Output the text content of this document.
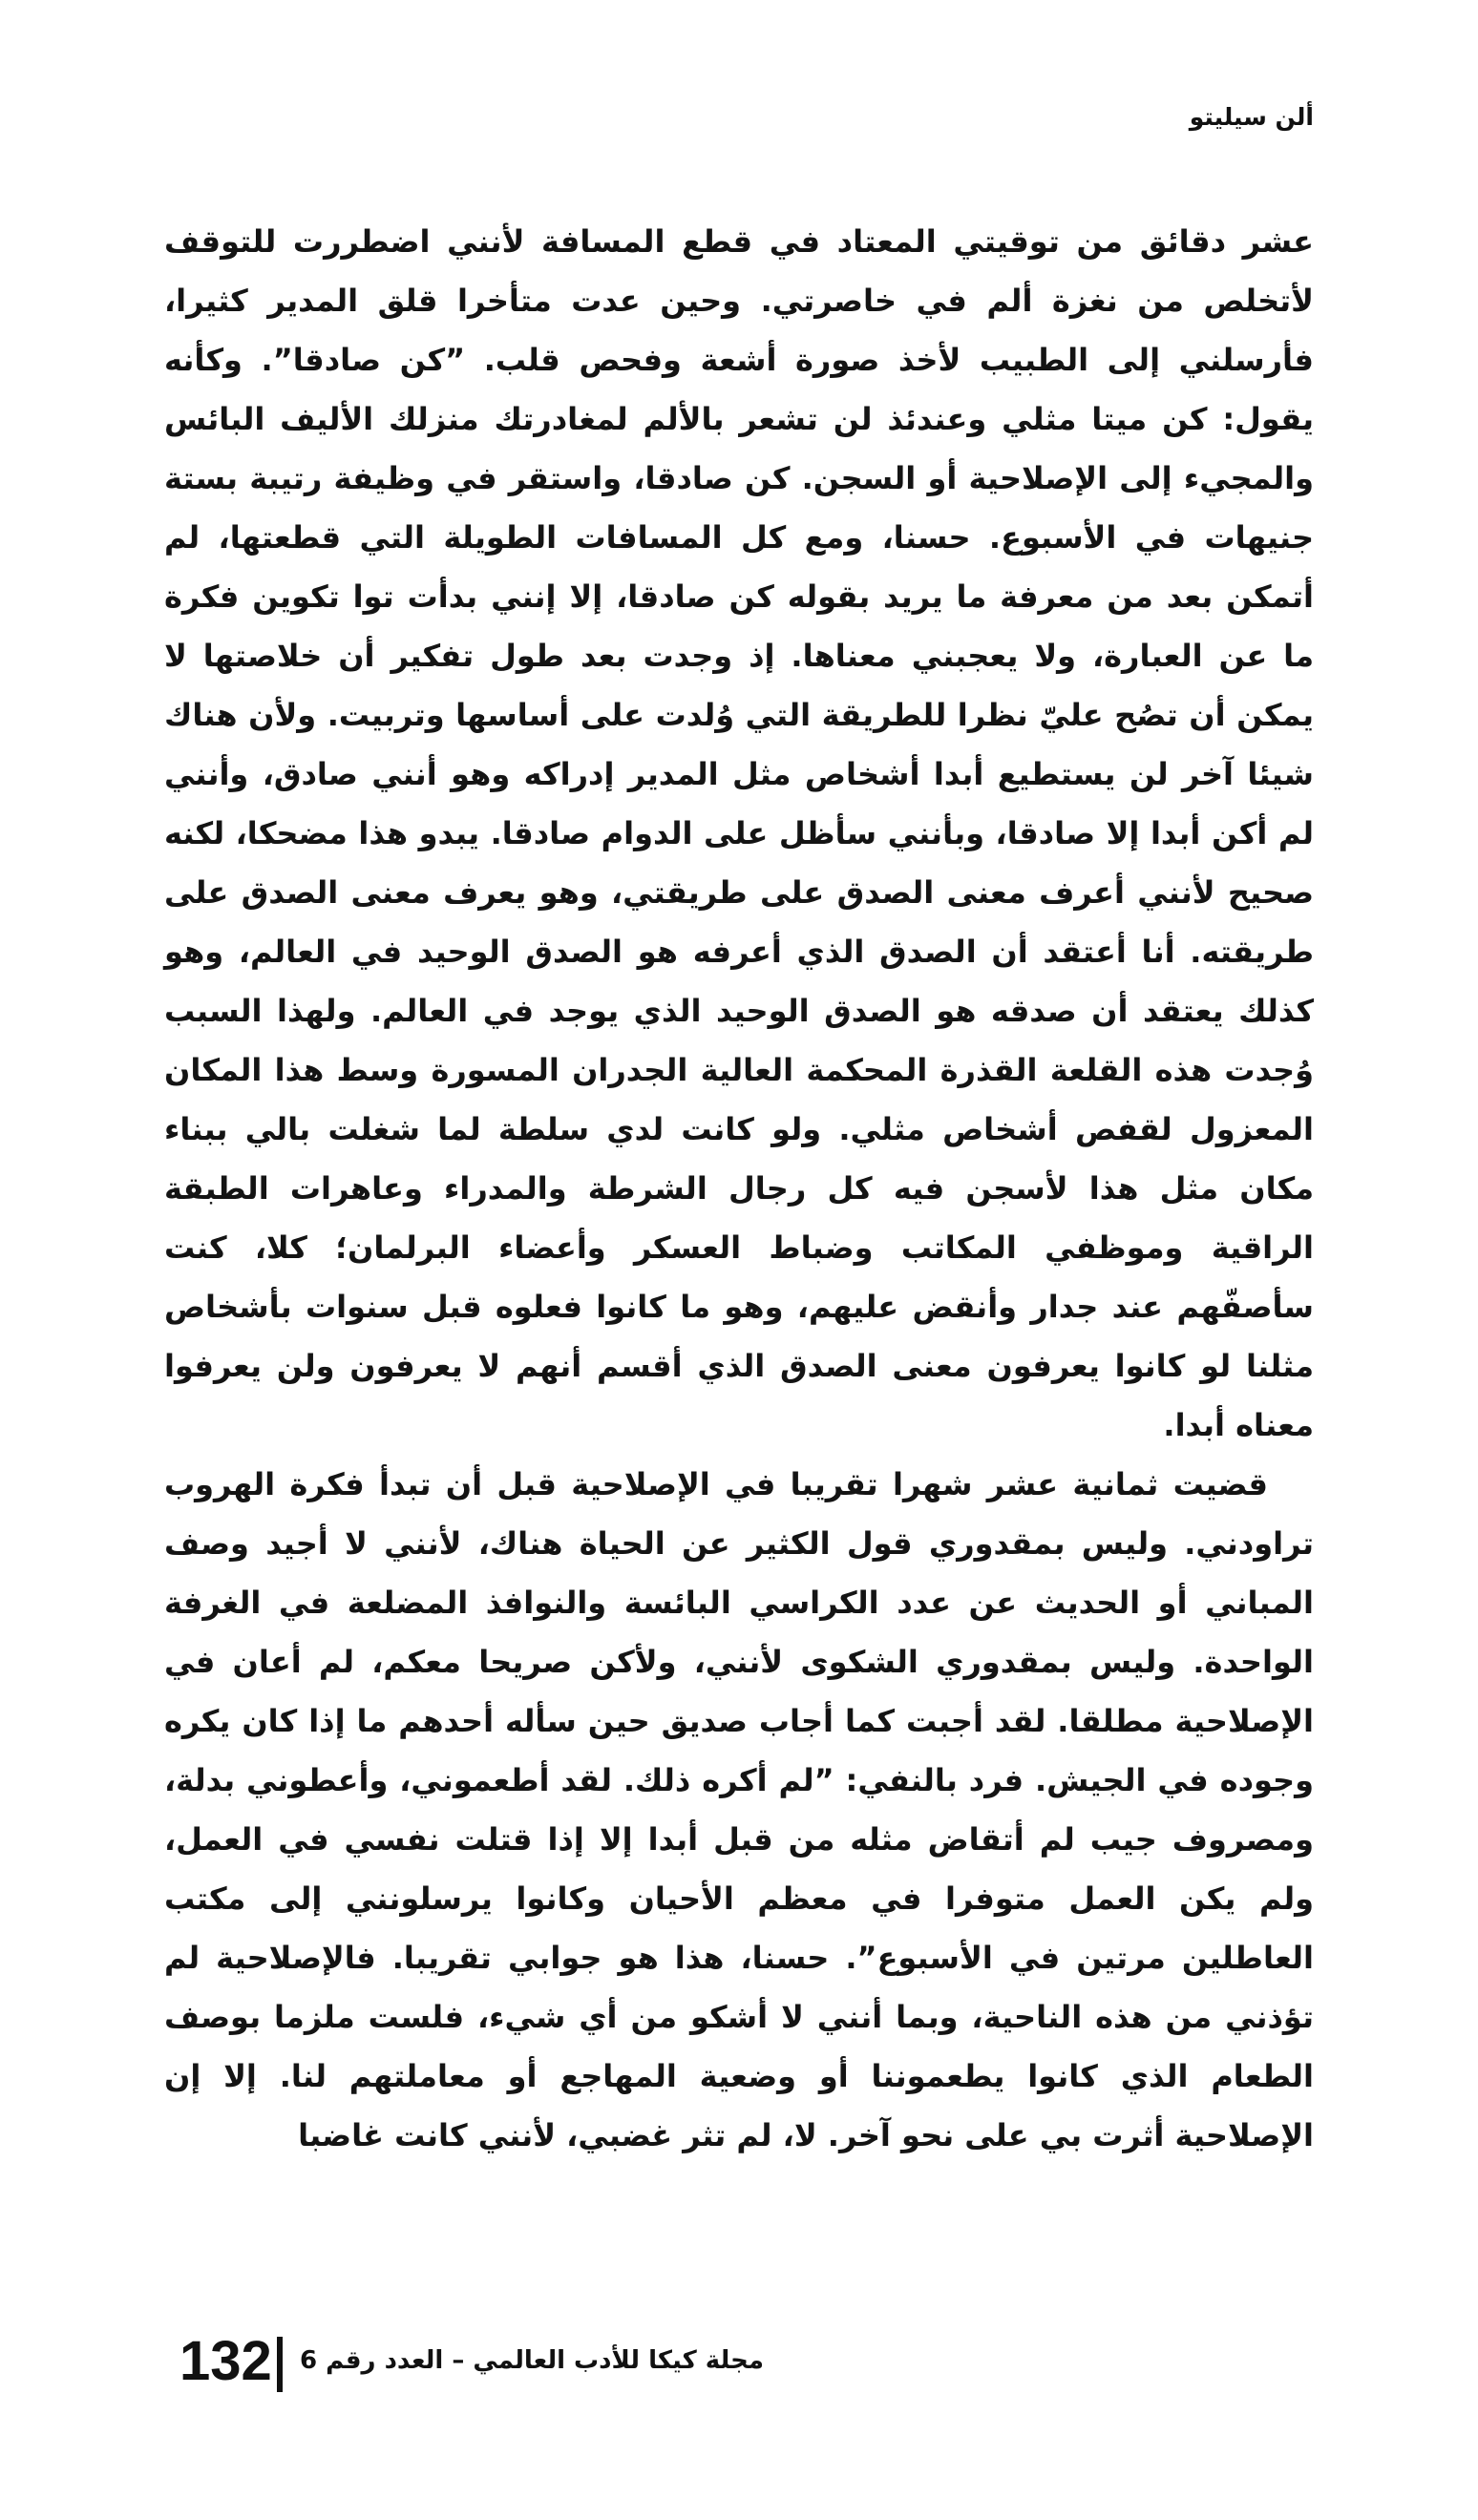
ألن سيليتو

عشر دقائق من توقيتي المعتاد في قطع المسافة لأنني اضطررت للتوقف لأتخلص من نغزة ألم في خاصرتي. وحين عدت متأخرا قلق المدير كثيرا، فأرسلني إلى الطبيب لأخذ صورة أشعة وفحص قلب. ”كن صادقا”. وكأنه يقول: كن ميتا مثلي وعندئذ لن تشعر بالألم لمغادرتك منزلك الأليف البائس والمجيء إلى الإصلاحية أو السجن. كن صادقا، واستقر في وظيفة رتيبة بستة جنيهات في الأسبوع. حسنا، ومع كل المسافات الطويلة التي قطعتها، لم أتمكن بعد من معرفة ما يريد بقوله كن صادقا، إلا إنني بدأت توا تكوين فكرة ما عن العبارة، ولا يعجبني معناها. إذ وجدت بعد طول تفكير أن خلاصتها لا يمكن أن تصُح عليّ نظرا للطريقة التي وُلدت على أساسها وتربيت. ولأن هناك شيئا آخر لن يستطيع أبدا أشخاص مثل المدير إدراكه وهو أنني صادق، وأنني لم أكن أبدا إلا صادقا، وبأنني سأظل على الدوام صادقا. يبدو هذا مضحكا، لكنه صحيح لأنني أعرف معنى الصدق على طريقتي، وهو يعرف معنى الصدق على طريقته. أنا أعتقد أن الصدق الذي أعرفه هو الصدق الوحيد في العالم، وهو كذلك يعتقد أن صدقه هو الصدق الوحيد الذي يوجد في العالم. ولهذا السبب وُجدت هذه القلعة القذرة المحكمة العالية الجدران المسورة وسط هذا المكان المعزول لقفص أشخاص مثلي. ولو كانت لدي سلطة لما شغلت بالي ببناء مكان مثل هذا لأسجن فيه كل رجال الشرطة والمدراء وعاهرات الطبقة الراقية وموظفي المكاتب وضباط العسكر وأعضاء البرلمان؛ كلا، كنت سأصفّهم عند جدار وأنقض عليهم، وهو ما كانوا فعلوه قبل سنوات بأشخاص مثلنا لو كانوا يعرفون معنى الصدق الذي أقسم أنهم لا يعرفون ولن يعرفوا معناه أبدا.

قضيت ثمانية عشر شهرا تقريبا في الإصلاحية قبل أن تبدأ فكرة الهروب تراودني. وليس بمقدوري قول الكثير عن الحياة هناك، لأنني لا أجيد وصف المباني أو الحديث عن عدد الكراسي البائسة والنوافذ المضلعة في الغرفة الواحدة. وليس بمقدوري الشكوى لأنني، ولأكن صريحا معكم، لم أعان في الإصلاحية مطلقا. لقد أجبت كما أجاب صديق حين سأله أحدهم ما إذا كان يكره وجوده في الجيش. فرد بالنفي: ”لم أكره ذلك. لقد أطعموني، وأعطوني بدلة، ومصروف جيب لم أتقاض مثله من قبل أبدا إلا إذا قتلت نفسي في العمل، ولم يكن العمل متوفرا في معظم الأحيان وكانوا يرسلونني إلى مكتب العاطلين مرتين في الأسبوع”. حسنا، هذا هو جوابي تقريبا. فالإصلاحية لم تؤذني من هذه الناحية، وبما أنني لا أشكو من أي شيء، فلست ملزما بوصف الطعام الذي كانوا يطعموننا أو وضعية المهاجع أو معاملتهم لنا. إلا إن الإصلاحية أثرت بي على نحو آخر. لا، لم تثر غضبي، لأنني كانت غاضبا

132 مجلة كيكا للأدب العالمي – العدد رقم 6
